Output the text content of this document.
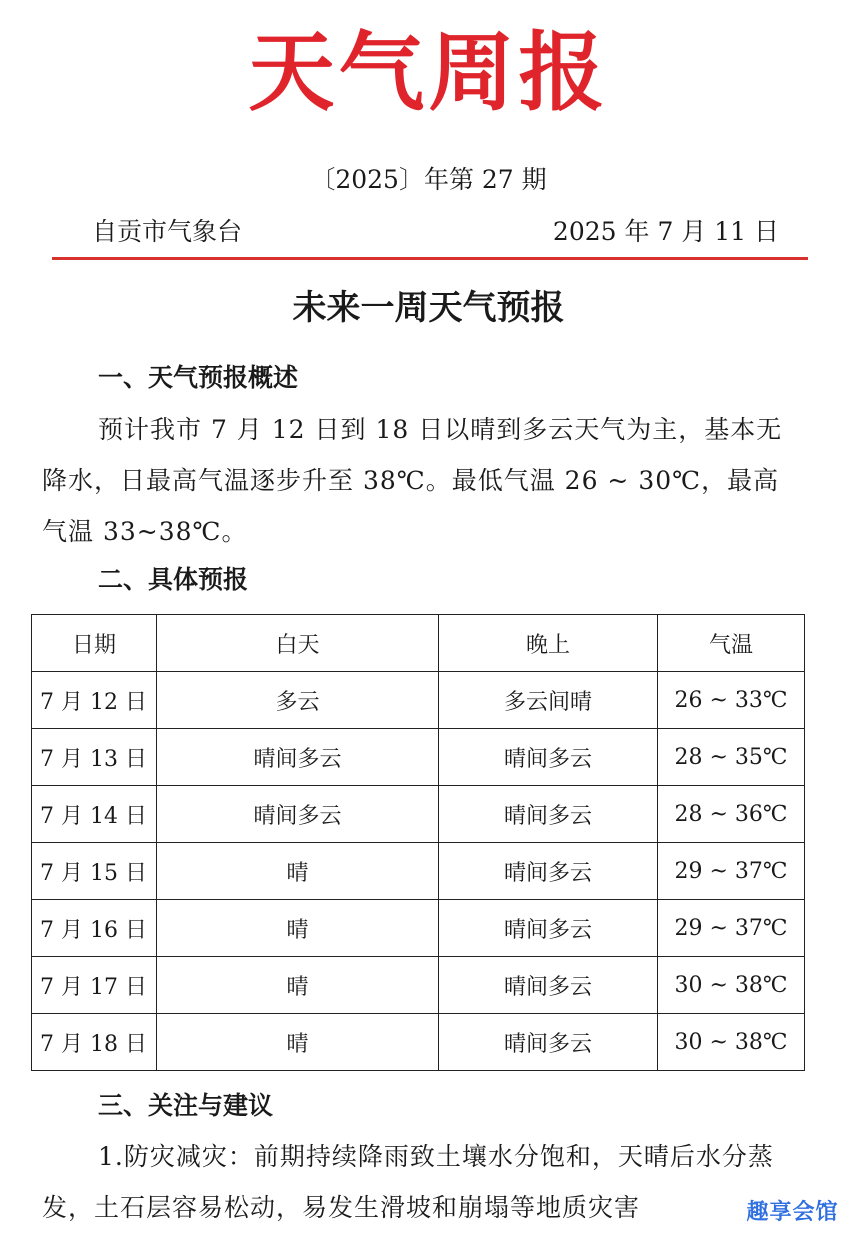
天气周报
〔2025〕年第 27 期
自贡市气象台	2025 年 7 月 11 日
未来一周天气预报
一、天气预报概述

预计我市 7 月 12 日到 18 日以晴到多云天气为主，基本无降水，日最高气温逐步升至 38℃。最低气温 26 ~ 30℃，最高气温 33~38℃。

二、具体预报
日期	白天	晚上	气温
7 月 12 日	多云	多云间晴	26 ~ 33℃
7 月 13 日	晴间多云	晴间多云	28 ~ 35℃
7 月 14 日	晴间多云	晴间多云	28 ~ 36℃
7 月 15 日	晴	晴间多云	29 ~ 37℃
7 月 16 日	晴	晴间多云	29 ~ 37℃
7 月 17 日	晴	晴间多云	30 ~ 38℃
7 月 18 日	晴	晴间多云	30 ~ 38℃
三、关注与建议

1.防灾减灾：前期持续降雨致土壤水分饱和，天晴后水分蒸发，土石层容易松动，易发生滑坡和崩塌等地质灾害	趣享会馆
